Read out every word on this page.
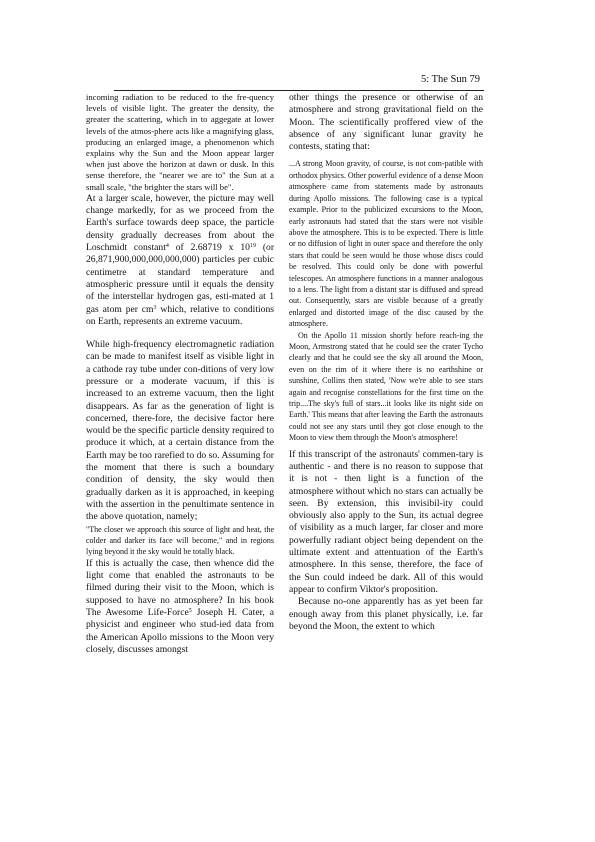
5: The Sun 79

incoming radiation to be reduced to the fre-quency levels of visible light. The greater the density, the greater the scattering, which in to aggegate at lower levels of the atmos-phere acts like a magnifying glass, producing an enlarged image, a phenomenon which explains why the Sun and the Moon appear larger when just above the horizon at dawn or dusk. In this sense therefore, the "nearer we are to" the Sun at a small scale, "the brighter the stars will be".

At a larger scale, however, the picture may well change markedly, for as we proceed from the Earth's surface towards deep space, the particle density gradually decreases from about the Loschmidt constant$^4$ of 2.68719 x $10^{19}$ (or 26,871,900,000,000,000,000) particles per cubic centimetre at standard temperature and atmospheric pressure until it equals the density of the interstellar hydrogen gas, esti-mated at 1 gas atom per $cm^3$ which, relative to conditions on Earth, represents an extreme vacuum.

While high-frequency electromagnetic radiation can be made to manifest itself as visible light in a cathode ray tube under con-ditions of very low pressure or a moderate vacuum, if this is increased to an extreme vacuum, then the light disappears. As far as the generation of light is concerned, there-fore, the decisive factor here would be the specific particle density required to produce it which, at a certain distance from the Earth may be too rarefied to do so. Assuming for the moment that there is such a boundary condition of density, the sky would then gradually darken as it is approached, in keeping with the assertion in the penultimate sentence in the above quotation, namely;

"The closer we approach this source of light and heat, the colder and darker its face will become," and in regions lying beyond it the sky would be totally black.

If this is actually the case, then whence did the light come that enabled the astronauts to be filmed during their visit to the Moon, which is supposed to have no atmosphere? In his book The Awesome Life-Force$^5$ Joseph H. Cater, a physicist and engineer who stud-ied data from the American Apollo missions to the Moon very closely, discusses amongst

other things the presence or otherwise of an atmosphere and strong gravitational field on the Moon. The scientifically proffered view of the absence of any significant lunar gravity he contests, stating that:

...A strong Moon gravity, of course, is not com-patible with orthodox physics. Other powerful evidence of a dense Moon atmosphere came from statements made by astronauts during Apollo missions. The following case is a typical example. Prior to the publicized excursions to the Moon, early astronauts had stated that the stars were not visible above the atmosphere. This is to be expected. There is little or no diffusion of light in outer space and therefore the only stars that could be seen would be those whose discs could be resolved. This could only be done with powerful telescopes. An atmosphere functions in a manner analogous to a lens. The light from a distant star is diffused and spread out. Consequently, stars are visible because of a greatly enlarged and distorted image of the disc caused by the atmosphere.

On the Apollo 11 mission shortly before reach-ing the Moon, Armstrong stated that he could see the crater Tycho clearly and that he could see the sky all around the Moon, even on the rim of it where there is no earthshine or sunshine, Collins then stated, 'Now we're able to see stars again and recognise constellations for the first time on the trip....The sky's full of stars...it looks like its night side on Earth.' This means that after leaving the Earth the astronauts could not see any stars until they got close enough to the Moon to view them through the Moon's atmosphere!

If this transcript of the astronauts' commen-tary is authentic - and there is no reason to suppose that it is not - then light is a function of the atmosphere without which no stars can actually be seen. By extension, this invisibil-ity could obviously also apply to the Sun, its actual degree of visibility as a much larger, far closer and more powerfully radiant object being dependent on the ultimate extent and attentuation of the Earth's atmosphere. In this sense, therefore, the face of the Sun could indeed be dark. All of this would appear to confirm Viktor's proposition.

Because no-one apparently has as yet been far enough away from this planet physically, i.e. far beyond the Moon, the extent to which
